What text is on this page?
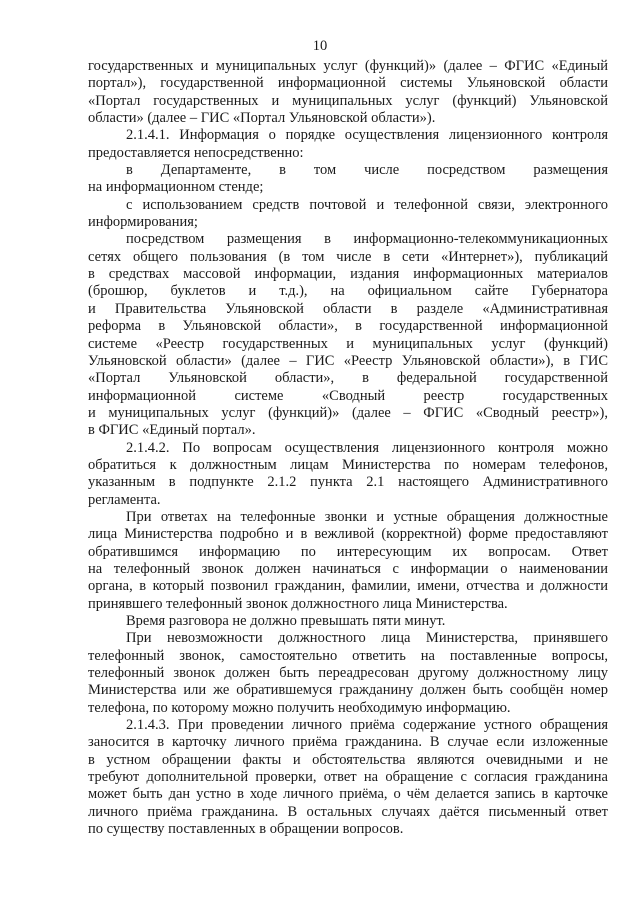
10
государственных и муниципальных услуг (функций)» (далее – ФГИС «Единый
портал»), государственной информационной системы Ульяновской области
«Портал государственных и муниципальных услуг (функций) Ульяновской
области» (далее – ГИС «Портал Ульяновской области»).
2.1.4.1. Информация о порядке осуществления лицензионного контроля
предоставляется непосредственно:
в Департаменте, в том числе посредством размещения
на информационном стенде;
с использованием средств почтовой и телефонной связи, электронного
информирования;
посредством размещения в информационно-телекоммуникационных
сетях общего пользования (в том числе в сети «Интернет»), публикаций
в средствах массовой информации, издания информационных материалов
(брошюр, буклетов и т.д.), на официальном сайте Губернатора
и Правительства Ульяновской области в разделе «Административная
реформа в Ульяновской области», в государственной информационной
системе «Реестр государственных и муниципальных услуг (функций)
Ульяновской области» (далее – ГИС «Реестр Ульяновской области»), в ГИС
«Портал Ульяновской области», в федеральной государственной
информационной системе «Сводный реестр государственных
и муниципальных услуг (функций)» (далее – ФГИС «Сводный реестр»),
в ФГИС «Единый портал».
2.1.4.2. По вопросам осуществления лицензионного контроля можно
обратиться к должностным лицам Министерства по номерам телефонов,
указанным в подпункте 2.1.2 пункта 2.1 настоящего Административного
регламента.
При ответах на телефонные звонки и устные обращения должностные
лица Министерства подробно и в вежливой (корректной) форме предоставляют
обратившимся информацию по интересующим их вопросам. Ответ
на телефонный звонок должен начинаться с информации о наименовании
органа, в который позвонил гражданин, фамилии, имени, отчества и должности
принявшего телефонный звонок должностного лица Министерства.
Время разговора не должно превышать пяти минут.
При невозможности должностного лица Министерства, принявшего
телефонный звонок, самостоятельно ответить на поставленные вопросы,
телефонный звонок должен быть переадресован другому должностному лицу
Министерства или же обратившемуся гражданину должен быть сообщён номер
телефона, по которому можно получить необходимую информацию.
2.1.4.3. При проведении личного приёма содержание устного обращения
заносится в карточку личного приёма гражданина. В случае если изложенные
в устном обращении факты и обстоятельства являются очевидными и не
требуют дополнительной проверки, ответ на обращение с согласия гражданина
может быть дан устно в ходе личного приёма, о чём делается запись в карточке
личного приёма гражданина. В остальных случаях даётся письменный ответ
по существу поставленных в обращении вопросов.
